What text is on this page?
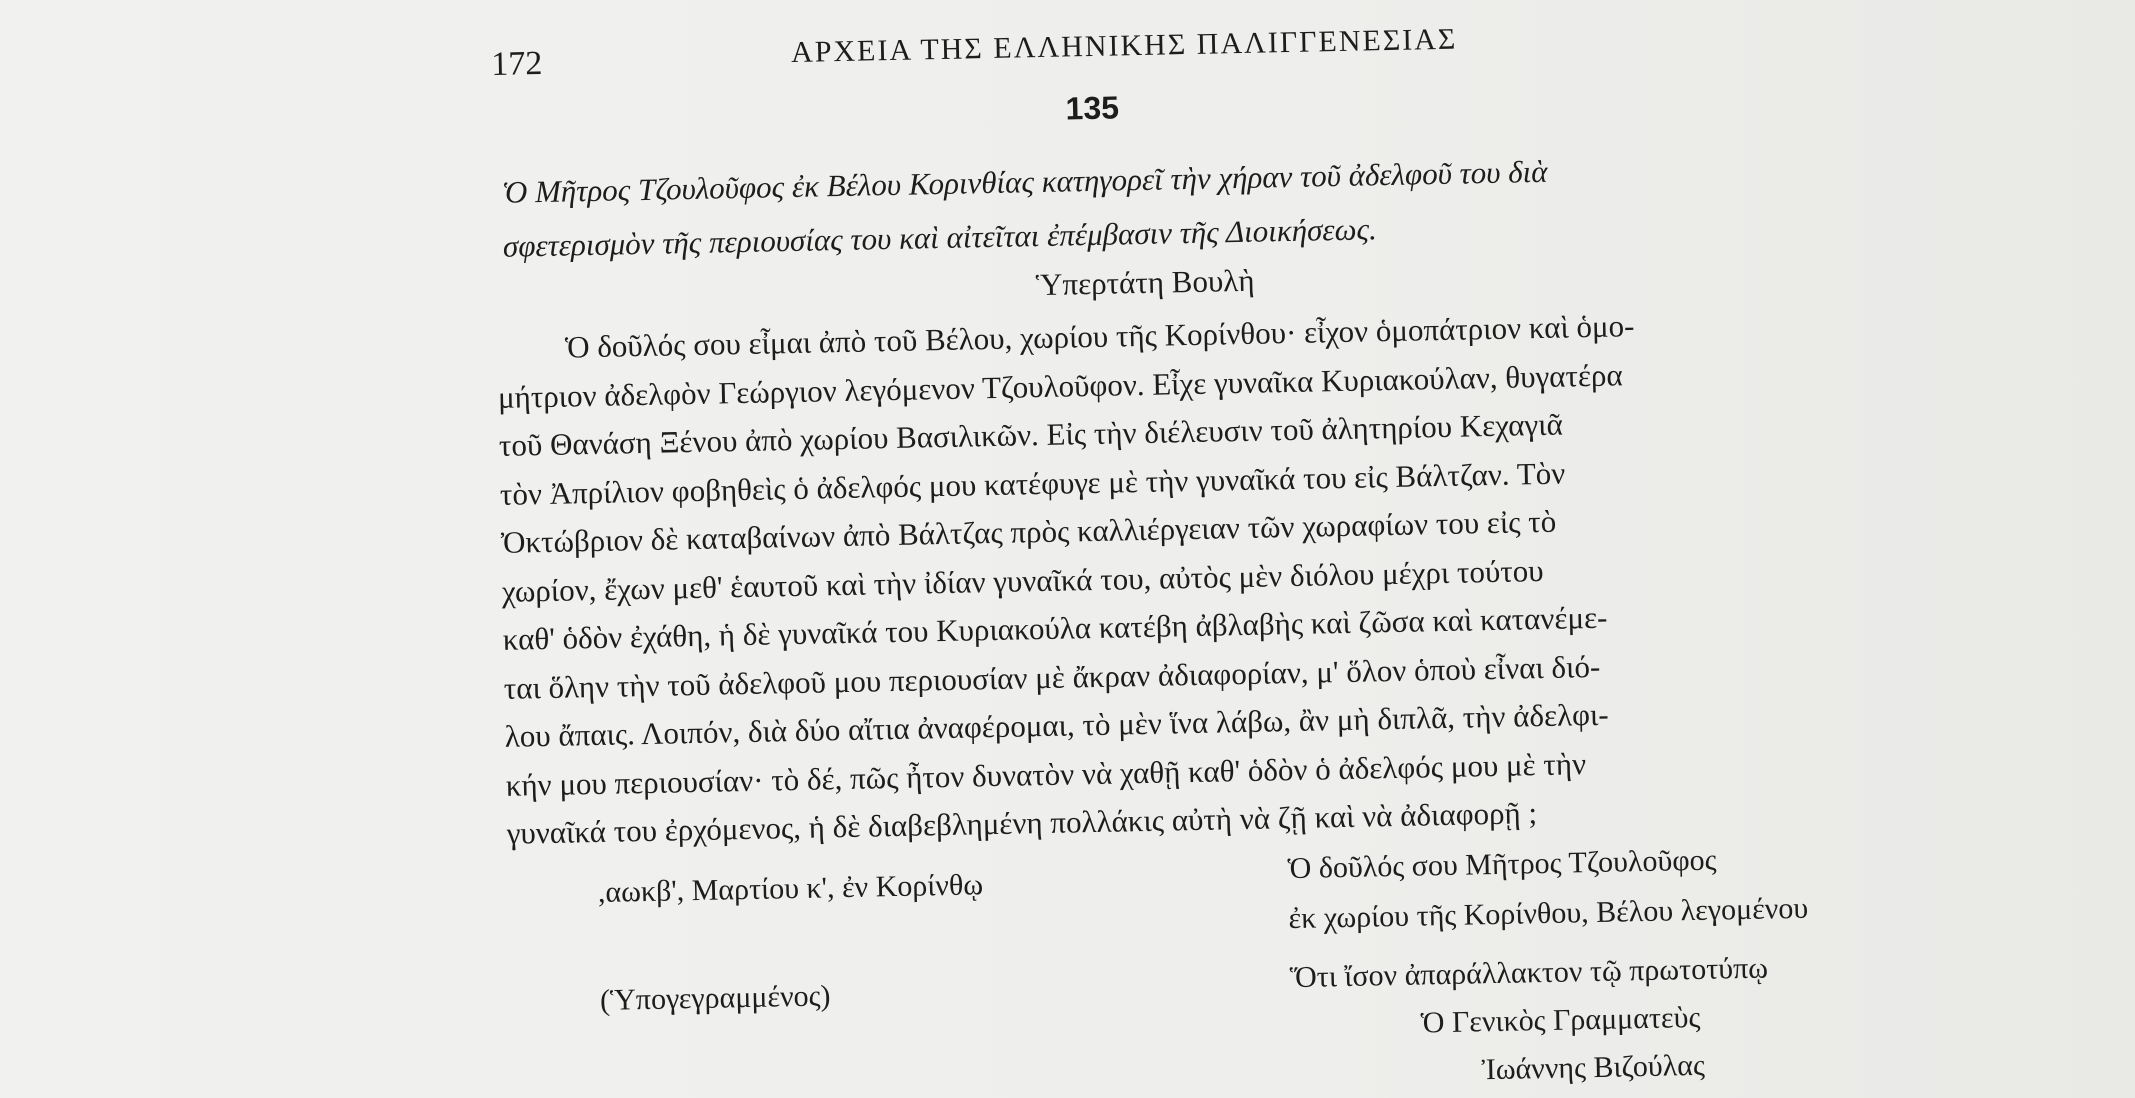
172	ΑΡΧΕΙΑ ΤΗΣ ΕΛΛΗΝΙΚΗΣ ΠΑΛΙΓΓΕΝΕΣΙΑΣ
135
Ὁ Μῆτρος Τζουλοῦφος ἐκ Βέλου Κορινθίας κατηγορεῖ τὴν χήραν τοῦ ἀδελφοῦ του διὰ
σφετερισμὸν τῆς περιουσίας του καὶ αἰτεῖται ἐπέμβασιν τῆς Διοικήσεως.
Ὑπερτάτη Βουλὴ
Ὁ δοῦλός σου εἶμαι ἀπὸ τοῦ Βέλου, χωρίου τῆς Κορίνθου· εἶχον ὁμοπάτριον καὶ ὁμο-
μήτριον ἀδελφὸν Γεώργιον λεγόμενον Τζουλοῦφον. Εἶχε γυναῖκα Κυριακούλαν, θυγατέρα
τοῦ Θανάση Ξένου ἀπὸ χωρίου Βασιλικῶν. Εἰς τὴν διέλευσιν τοῦ ἀλητηρίου Κεχαγιᾶ
τὸν Ἀπρίλιον φοβηθεὶς ὁ ἀδελφός μου κατέφυγε μὲ τὴν γυναῖκά του εἰς Βάλτζαν. Τὸν
Ὀκτώβριον δὲ καταβαίνων ἀπὸ Βάλτζας πρὸς καλλιέργειαν τῶν χωραφίων του εἰς τὸ
χωρίον, ἔχων μεθ' ἑαυτοῦ καὶ τὴν ἰδίαν γυναῖκά του, αὐτὸς μὲν διόλου μέχρι τούτου
καθ' ὁδὸν ἐχάθη, ἡ δὲ γυναῖκά του Κυριακούλα κατέβη ἀβλαβὴς καὶ ζῶσα καὶ κατανέμε-
ται ὅλην τὴν τοῦ ἀδελφοῦ μου περιουσίαν μὲ ἄκραν ἀδιαφορίαν, μ' ὅλον ὁποὺ εἶναι διό-
λου ἄπαις. Λοιπόν, διὰ δύο αἴτια ἀναφέρομαι, τὸ μὲν ἵνα λάβω, ἂν μὴ διπλᾶ, τὴν ἀδελφι-
κήν μου περιουσίαν· τὸ δέ, πῶς ἦτον δυνατὸν νὰ χαθῇ καθ' ὁδὸν ὁ ἀδελφός μου μὲ τὴν
γυναῖκά του ἐρχόμενος, ἡ δὲ διαβεβλημένη πολλάκις αὐτὴ νὰ ζῇ καὶ νὰ ἀδιαφορῇ ;
,αωκβ', Μαρτίου κ', ἐν Κορίνθῳ
Ὁ δοῦλός σου Μῆτρος Τζουλοῦφος
ἐκ χωρίου τῆς Κορίνθου, Βέλου λεγομένου
(Ὑπογεγραμμένος)
Ὅτι ἴσον ἀπαράλλακτον τῷ πρωτοτύπῳ
Ὁ Γενικὸς Γραμματεὺς
Ἰωάννης Βιζούλας
